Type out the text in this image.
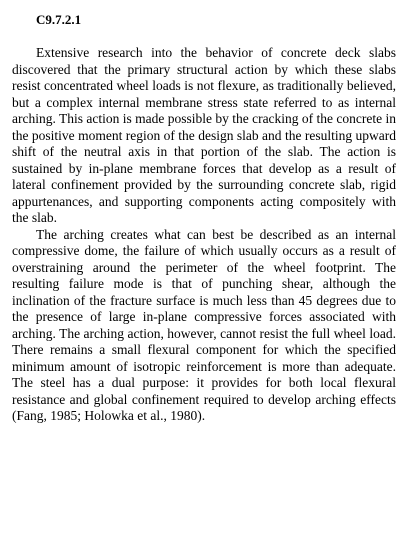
C9.7.2.1

Extensive research into the behavior of concrete deck slabs discovered that the primary structural action by which these slabs resist concentrated wheel loads is not flexure, as traditionally believed, but a complex internal membrane stress state referred to as internal arching. This action is made possible by the cracking of the concrete in the positive moment region of the design slab and the resulting upward shift of the neutral axis in that portion of the slab. The action is sustained by in-plane membrane forces that develop as a result of lateral confinement provided by the surrounding concrete slab, rigid appurtenances, and supporting components acting compositely with the slab.

The arching creates what can best be described as an internal compressive dome, the failure of which usually occurs as a result of overstraining around the perimeter of the wheel footprint. The resulting failure mode is that of punching shear, although the inclination of the fracture surface is much less than 45 degrees due to the presence of large in-plane compressive forces associated with arching. The arching action, however, cannot resist the full wheel load. There remains a small flexural component for which the specified minimum amount of isotropic reinforcement is more than adequate. The steel has a dual purpose: it provides for both local flexural resistance and global confinement required to develop arching effects (Fang, 1985; Holowka et al., 1980).
